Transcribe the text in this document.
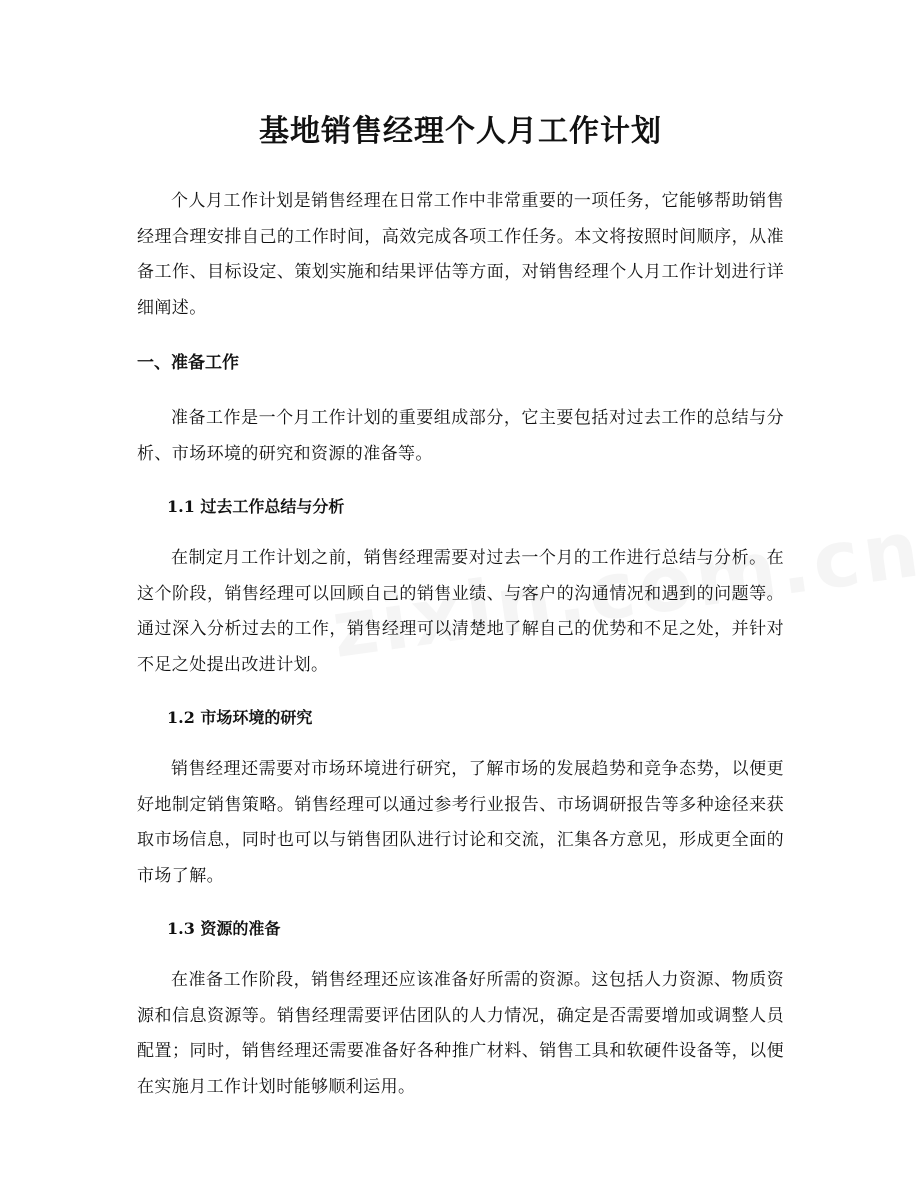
基地销售经理个人月工作计划

个人月工作计划是销售经理在日常工作中非常重要的一项任务，它能够帮助销售经理合理安排自己的工作时间，高效完成各项工作任务。本文将按照时间顺序，从准备工作、目标设定、策划实施和结果评估等方面，对销售经理个人月工作计划进行详细阐述。

一、准备工作

准备工作是一个月工作计划的重要组成部分，它主要包括对过去工作的总结与分析、市场环境的研究和资源的准备等。

1.1 过去工作总结与分析

在制定月工作计划之前，销售经理需要对过去一个月的工作进行总结与分析。在这个阶段，销售经理可以回顾自己的销售业绩、与客户的沟通情况和遇到的问题等。通过深入分析过去的工作，销售经理可以清楚地了解自己的优势和不足之处，并针对不足之处提出改进计划。

1.2 市场环境的研究

销售经理还需要对市场环境进行研究，了解市场的发展趋势和竞争态势，以便更好地制定销售策略。销售经理可以通过参考行业报告、市场调研报告等多种途径来获取市场信息，同时也可以与销售团队进行讨论和交流，汇集各方意见，形成更全面的市场了解。

1.3 资源的准备

在准备工作阶段，销售经理还应该准备好所需的资源。这包括人力资源、物质资源和信息资源等。销售经理需要评估团队的人力情况，确定是否需要增加或调整人员配置；同时，销售经理还需要准备好各种推广材料、销售工具和软硬件设备等，以便在实施月工作计划时能够顺利运用。
